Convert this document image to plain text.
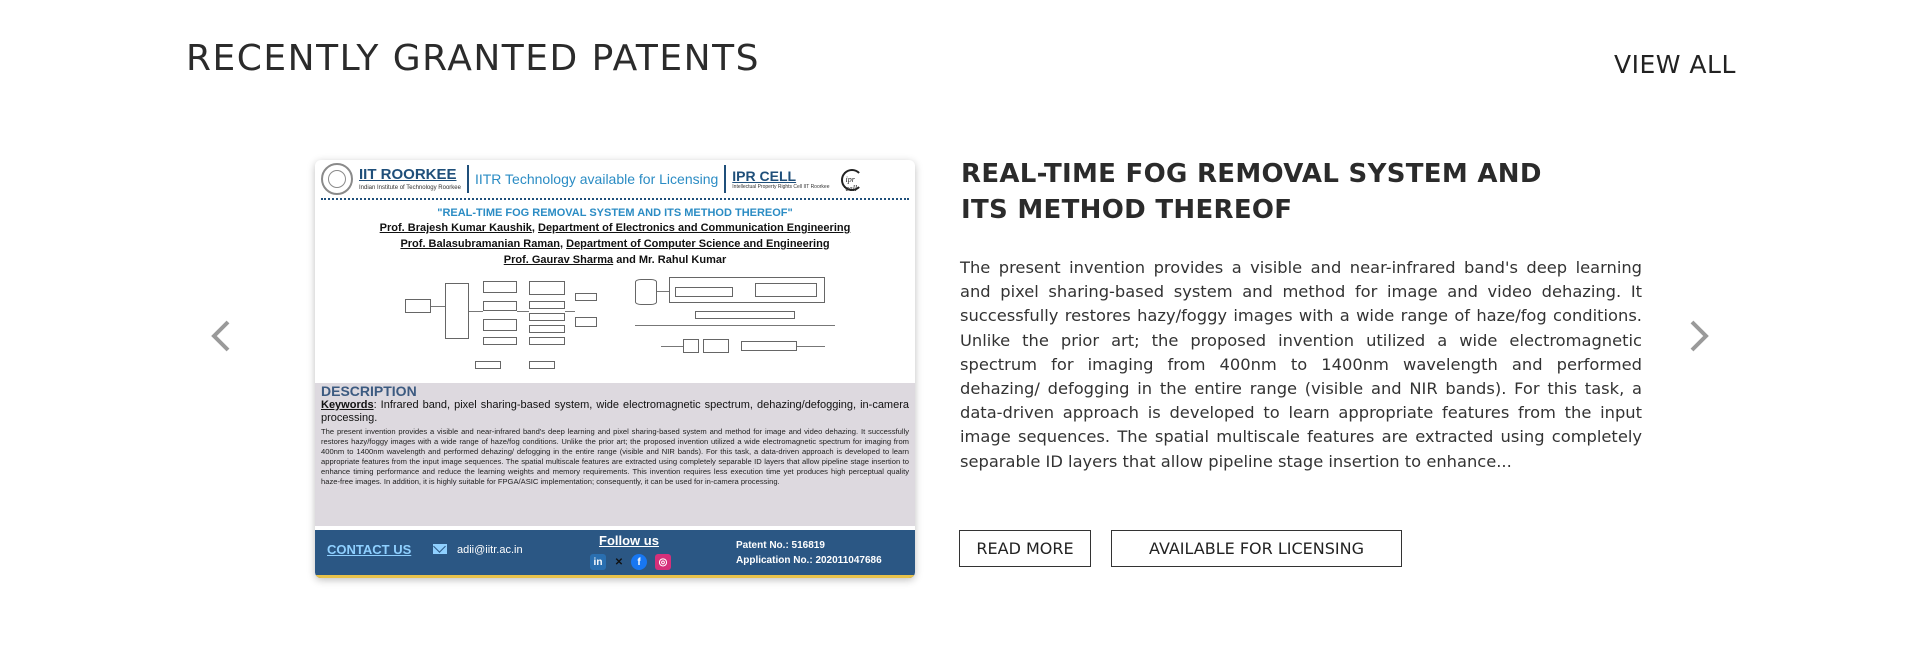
RECENTLY GRANTED PATENTS	VIEW ALL
IIT ROORKEE
Indian Institute of Technology Roorkee
IITR Technology available for Licensing IPR CELL
Intellectual Property Rights Cell IIT Roorkee
ipr cell
"REAL-TIME FOG REMOVAL SYSTEM AND ITS METHOD THEREOF"
Prof. Brajesh Kumar Kaushik, Department of Electronics and Communication Engineering
Prof. Balasubramanian Raman, Department of Computer Science and Engineering
Prof. Gaurav Sharma and Mr. Rahul Kumar
DESCRIPTION
Keywords: Infrared band, pixel sharing-based system, wide electromagnetic spectrum, dehazing/defogging, in-camera processing.
The present invention provides a visible and near-infrared band's deep learning and pixel sharing-based system and method for image and video dehazing. It successfully restores hazy/foggy images with a wide range of haze/fog conditions. Unlike the prior art; the proposed invention utilized a wide electromagnetic spectrum for imaging from 400nm to 1400nm wavelength and performed dehazing/ defogging in the entire range (visible and NIR bands). For this task, a data-driven approach is developed to learn appropriate features from the input image sequences. The spatial multiscale features are extracted using completely separable ID layers that allow pipeline stage insertion to enhance timing performance and reduce the learning weights and memory requirements. This invention requires less execution time yet produces high perceptual quality haze-free images. In addition, it is highly suitable for FPGA/ASIC implementation; consequently, it can be used for in-camera processing.
CONTACT US	adii@iitr.ac.in
Follow us
in	✕	f	◎
Patent No.: 516819
Application No.: 202011047686
REAL-TIME FOG REMOVAL SYSTEM AND ITS METHOD THEREOF

The present invention provides a visible and near-infrared band's deep learning and pixel sharing-based system and method for image and video dehazing. It successfully restores hazy/foggy images with a wide range of haze/fog conditions. Unlike the prior art; the proposed invention utilized a wide electromagnetic spectrum for imaging from 400nm to 1400nm wavelength and performed dehazing/ defogging in the entire range (visible and NIR bands). For this task, a data-driven approach is developed to learn appropriate features from the input image sequences. The spatial multiscale features are extracted using completely separable ID layers that allow pipeline stage insertion to enhance...

READ MORE	AVAILABLE FOR LICENSING
